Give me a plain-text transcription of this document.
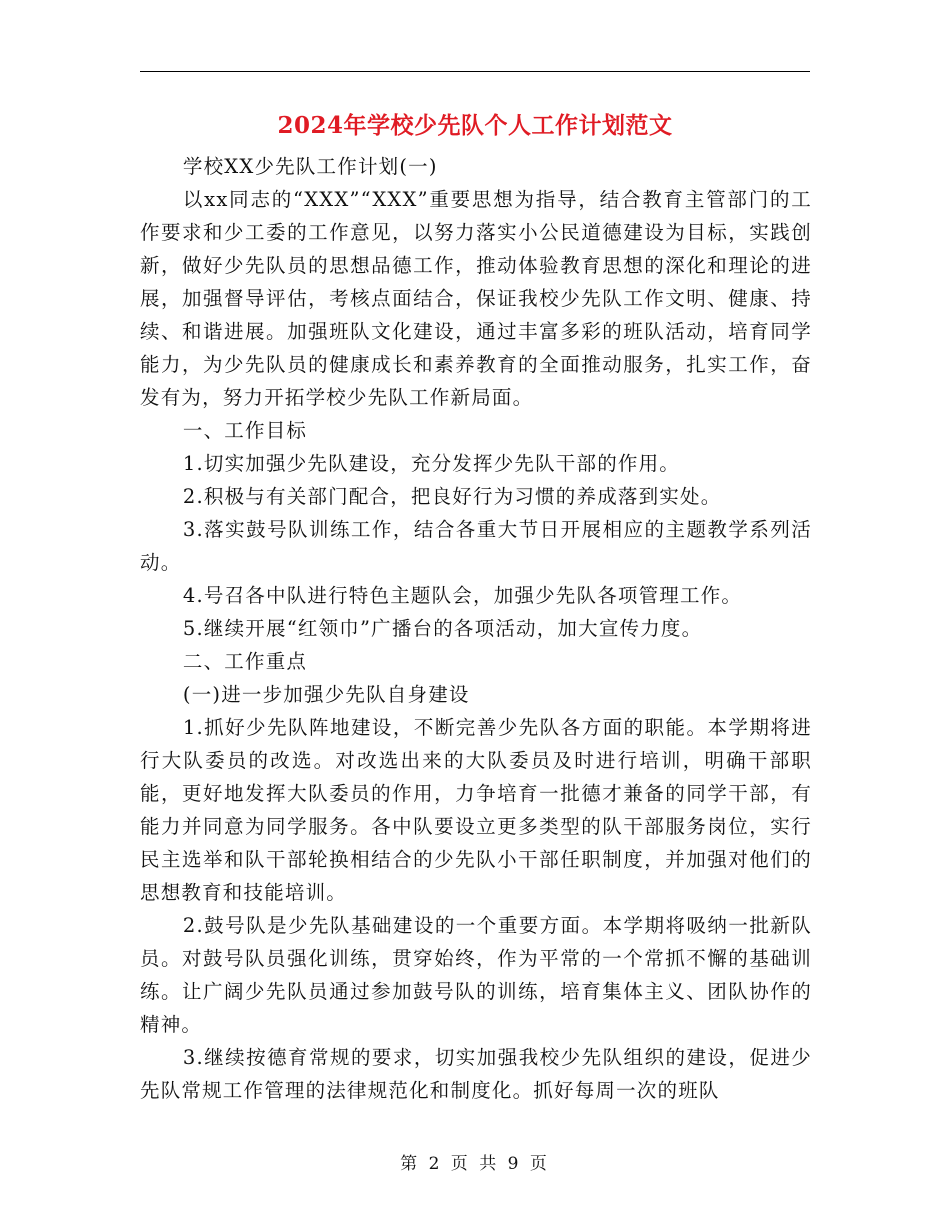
2024年学校少先队个人工作计划范文

学校XX少先队工作计划(一)

以xx同志的“XXX”“XXX”重要思想为指导，结合教育主管部门的工作要求和少工委的工作意见，以努力落实小公民道德建设为目标，实践创新，做好少先队员的思想品德工作，推动体验教育思想的深化和理论的进展，加强督导评估，考核点面结合，保证我校少先队工作文明、健康、持续、和谐进展。加强班队文化建设，通过丰富多彩的班队活动，培育同学能力，为少先队员的健康成长和素养教育的全面推动服务，扎实工作，奋发有为，努力开拓学校少先队工作新局面。

一、工作目标

1.切实加强少先队建设，充分发挥少先队干部的作用。

2.积极与有关部门配合，把良好行为习惯的养成落到实处。

3.落实鼓号队训练工作，结合各重大节日开展相应的主题教学系列活动。

4.号召各中队进行特色主题队会，加强少先队各项管理工作。

5.继续开展“红领巾”广播台的各项活动，加大宣传力度。

二、工作重点

(一)进一步加强少先队自身建设

1.抓好少先队阵地建设，不断完善少先队各方面的职能。本学期将进行大队委员的改选。对改选出来的大队委员及时进行培训，明确干部职能，更好地发挥大队委员的作用，力争培育一批德才兼备的同学干部，有能力并同意为同学服务。各中队要设立更多类型的队干部服务岗位，实行民主选举和队干部轮换相结合的少先队小干部任职制度，并加强对他们的思想教育和技能培训。

2.鼓号队是少先队基础建设的一个重要方面。本学期将吸纳一批新队员。对鼓号队员强化训练，贯穿始终，作为平常的一个常抓不懈的基础训练。让广阔少先队员通过参加鼓号队的训练，培育集体主义、团队协作的精神。

3.继续按德育常规的要求，切实加强我校少先队组织的建设，促进少先队常规工作管理的法律规范化和制度化。抓好每周一次的班队

第 2 页 共 9 页
